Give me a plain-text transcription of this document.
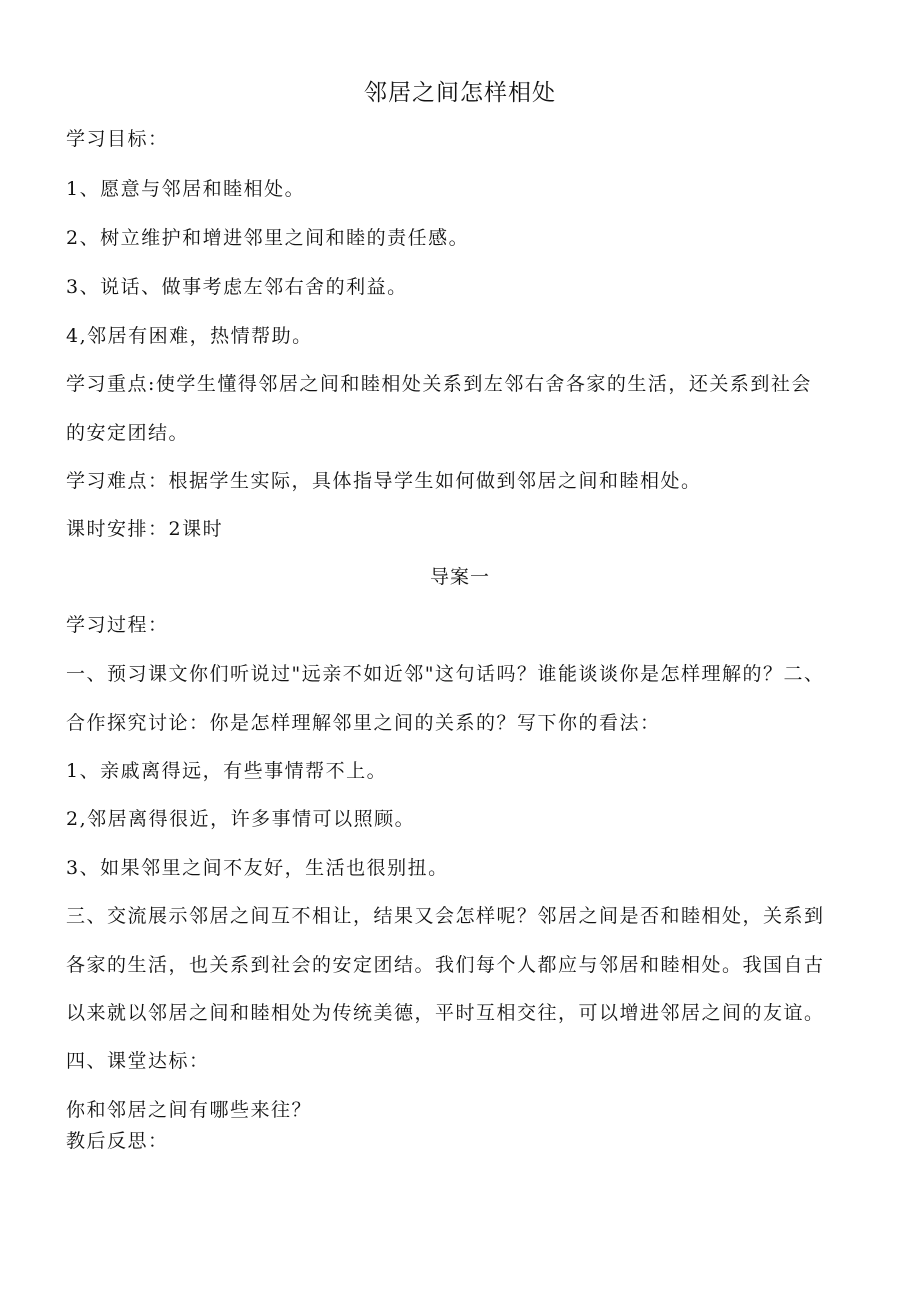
邻居之间怎样相处
学习目标：
1、愿意与邻居和睦相处。
2、树立维护和增进邻里之间和睦的责任感。
3、说话、做事考虑左邻右舍的利益。
4,邻居有困难，热情帮助。
学习重点:使学生懂得邻居之间和睦相处关系到左邻右舍各家的生活，还关系到社会
的安定团结。
学习难点：根据学生实际，具体指导学生如何做到邻居之间和睦相处。
课时安排：2课时
导案一
学习过程：
一、预习课文你们听说过"远亲不如近邻"这句话吗？谁能谈谈你是怎样理解的？二、
合作探究讨论：你是怎样理解邻里之间的关系的？写下你的看法：
1、亲戚离得远，有些事情帮不上。
2,邻居离得很近，许多事情可以照顾。
3、如果邻里之间不友好，生活也很别扭。
三、交流展示邻居之间互不相让，结果又会怎样呢？邻居之间是否和睦相处，关系到
各家的生活，也关系到社会的安定团结。我们每个人都应与邻居和睦相处。我国自古
以来就以邻居之间和睦相处为传统美德，平时互相交往，可以增进邻居之间的友谊。
四、课堂达标：
你和邻居之间有哪些来往？
教后反思：
